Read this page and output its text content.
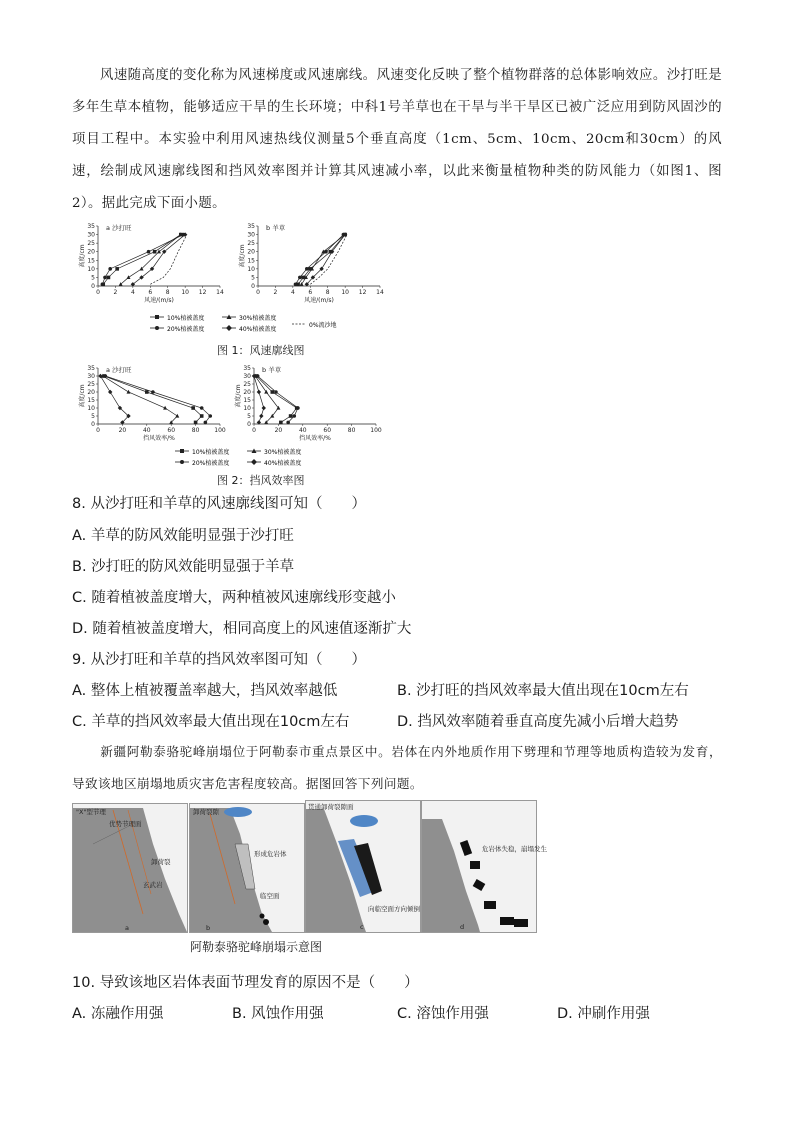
风速随高度的变化称为风速梯度或风速廓线。风速变化反映了整个植物群落的总体影响效应。沙打旺是多年生草本植物，能够适应干旱的生长环境；中科1号羊草也在干旱与半干旱区已被广泛应用到防风固沙的项目工程中。本实验中利用风速热线仪测量5个垂直高度（1cm、5cm、10cm、20cm和30cm）的风速，绘制成风速廓线图和挡风效率图并计算其风速减小率，以此来衡量植物种类的防风能力（如图1、图2）。据此完成下面小题。
0 2 4 6 8 10 12 14
0
5
10
15
20
25
30
35
风速/(m/s)
高度/cm
a 沙打旺
0 2 4 6 8 10 12 14
0
5
10
15
20
25
30
35
风速/(m/s)
高度/cm
b 羊草
10%植被盖度	30%植被盖度
0%流沙地
20%植被盖度	40%植被盖度
图 1：风速廓线图
0	20	40	60	80 100
0
5
10
15
20
25
30
35
挡风效率/%
高度/cm
a 沙打旺
0	20	40	60	80 100
0
5
10
15
20
25
30
35
挡风效率/%
高度/cm
b 羊草
10%植被盖度	30%植被盖度
20%植被盖度	40%植被盖度
图 2：挡风效率图
8. 从沙打旺和羊草的风速廓线图可知（　　）
A. 羊草的防风效能明显强于沙打旺
B. 沙打旺的防风效能明显强于羊草
C. 随着植被盖度增大，两种植被风速廓线形变越小
D. 随着植被盖度增大，相同高度上的风速值逐渐扩大
9. 从沙打旺和羊草的挡风效率图可知（　　）
A. 整体上植被覆盖率越大，挡风效率越低	B. 沙打旺的挡风效率最大值出现在10cm左右
C. 羊草的挡风效率最大值出现在10cm左右	D. 挡风效率随着垂直高度先减小后增大趋势
新疆阿勒泰骆驼峰崩塌位于阿勒泰市重点景区中。岩体在内外地质作用下劈理和节理等地质构造较为发育，导致该地区崩塌地质灾害危害程度较高。据图回答下列问题。
"X"型节理
优势节理面
卸荷裂
玄武岩
a
卸荷裂隙
形成危岩体
临空面
b
贯通卸荷裂隙面
向临空面方向倾倒
c
危岩体失稳，崩塌发生
d
阿勒泰骆驼峰崩塌示意图
10. 导致该地区岩体表面节理发育的原因不是（　　）
A. 冻融作用强	B. 风蚀作用强	C. 溶蚀作用强	D. 冲刷作用强
